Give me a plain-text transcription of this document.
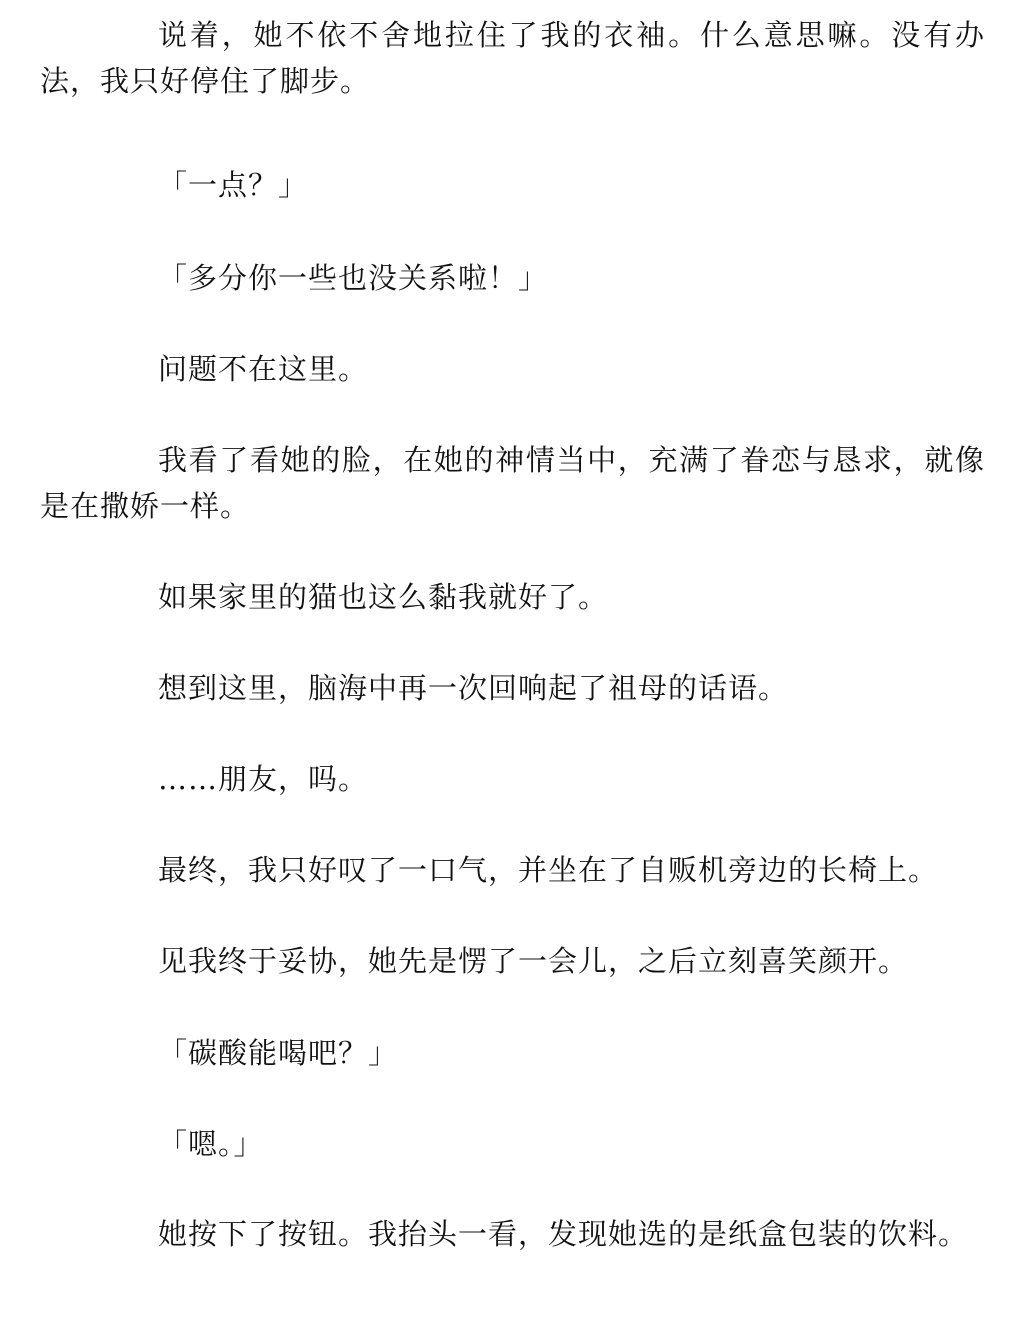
说着，她不依不舍地拉住了我的衣袖。什么意思嘛。没有办法，我只好停住了脚步。

「一点？」

「多分你一些也没关系啦！」

问题不在这里。

我看了看她的脸，在她的神情当中，充满了眷恋与恳求，就像是在撒娇一样。

如果家里的猫也这么黏我就好了。

想到这里，脑海中再一次回响起了祖母的话语。

……朋友，吗。

最终，我只好叹了一口气，并坐在了自贩机旁边的长椅上。

见我终于妥协，她先是愣了一会儿，之后立刻喜笑颜开。

「碳酸能喝吧？」

「嗯。」

她按下了按钮。我抬头一看，发现她选的是纸盒包装的饮料。
